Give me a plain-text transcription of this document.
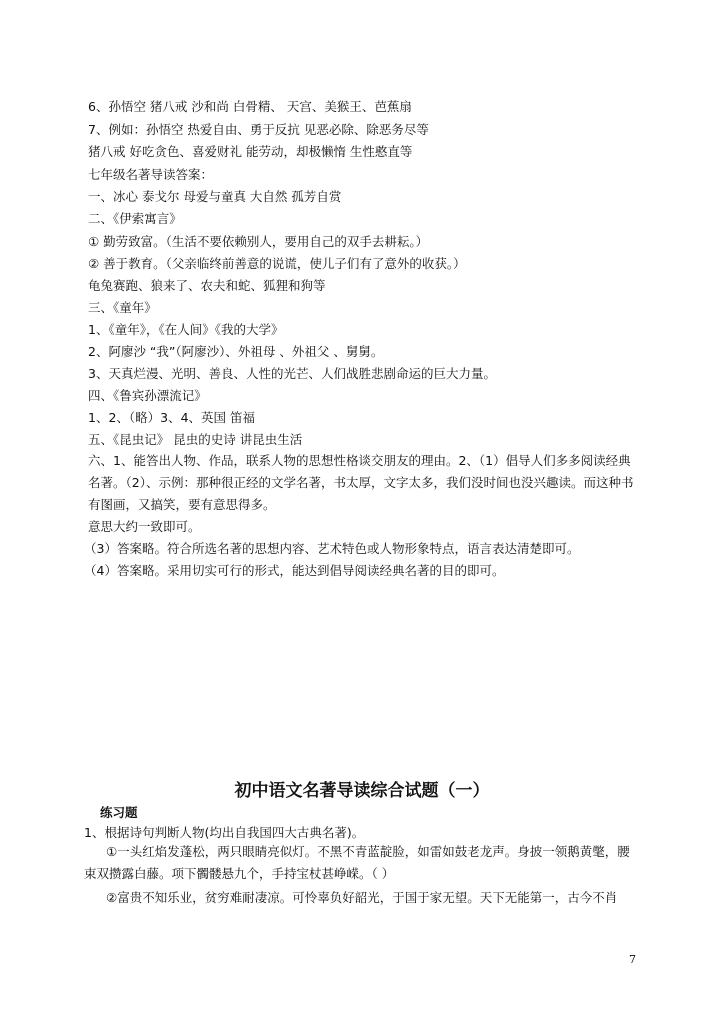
6、孙悟空 猪八戒 沙和尚 白骨精、 天宫、美猴王、芭蕉扇
7、例如：孙悟空 热爱自由、勇于反抗 见恶必除、除恶务尽等
猪八戒 好吃贪色、喜爱财礼 能劳动，却极懒惰 生性憨直等
七年级名著导读答案：
一、冰心 泰戈尔 母爱与童真 大自然 孤芳自赏
二、《伊索寓言》
① 勤劳致富。（生活不要依赖别人，要用自己的双手去耕耘。）
② 善于教育。（父亲临终前善意的说谎，使儿子们有了意外的收获。）
龟兔赛跑、狼来了、农夫和蛇、狐狸和狗等
三、《童年》
1、《童年》，《在人间》《我的大学》
2、阿廖沙 “我”（阿廖沙）、外祖母 、外祖父 、舅舅。
3、天真烂漫、光明、善良、人性的光芒、人们战胜悲剧命运的巨大力量。
四、《鲁宾孙漂流记》
1、2、（略）3、4、英国 笛福
五、《昆虫记》 昆虫的史诗 讲昆虫生活
六、1、能答出人物、作品，联系人物的思想性格谈交朋友的理由。2、（1）倡导人们多多阅读经典名著。（2）、示例：那种很正经的文学名著，书太厚，文字太多，我们没时间也没兴趣读。而这种书有图画，又搞笑，要有意思得多。
意思大约一致即可。
（3）答案略。符合所选名著的思想内容、艺术特色或人物形象特点，语言表达清楚即可。
（4）答案略。采用切实可行的形式，能达到倡导阅读经典名著的目的即可。
初中语文名著导读综合试题（一）
练习题
1、根据诗句判断人物(均出自我国四大古典名著)。
①一头红焰发蓬松，两只眼睛亮似灯。不黑不青蓝靛脸，如雷如鼓老龙声。身披一领鹅黄氅，腰束双攒露白藤。项下髑髅悬九个，手持宝杖甚峥嵘。（ ）
②富贵不知乐业，贫穷难耐凄凉。可怜辜负好韶光，于国于家无望。天下无能第一，古今不肖
7
